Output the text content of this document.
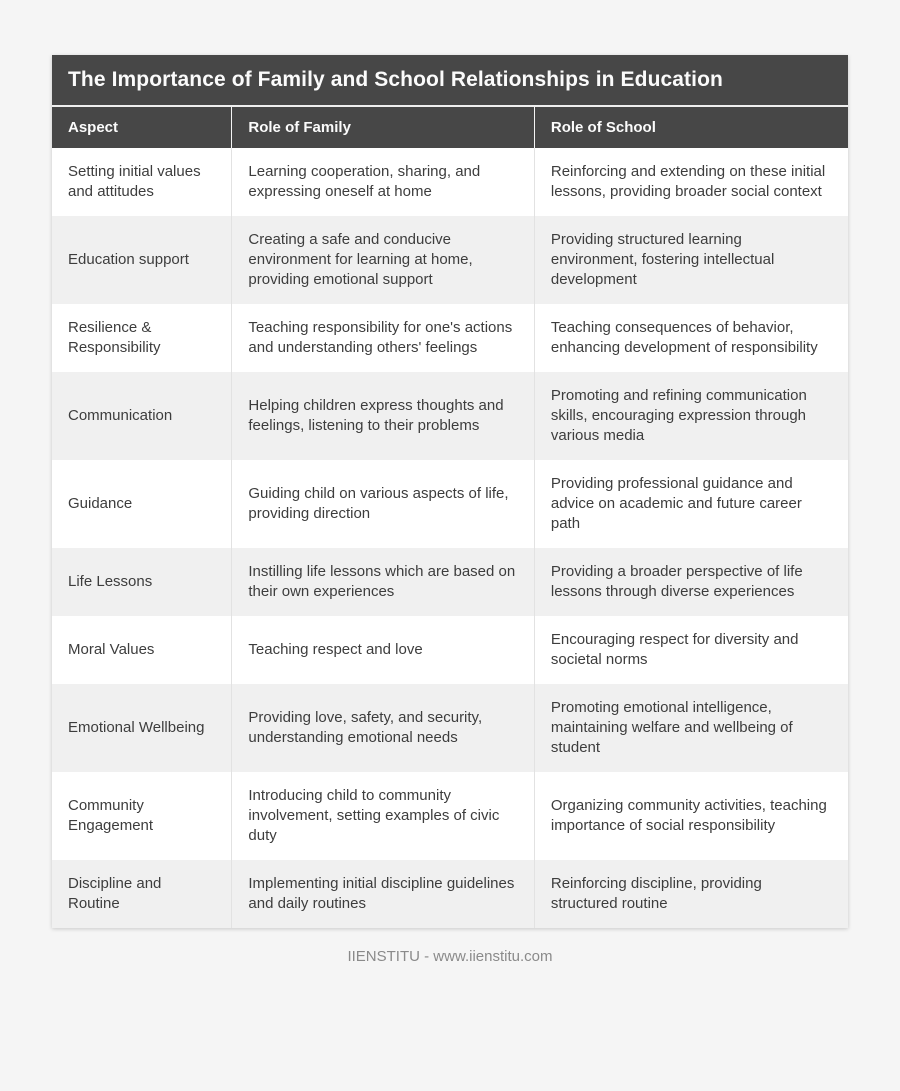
The Importance of Family and School Relationships in Education		
Aspect	Role of Family	Role of School
Setting initial values and attitudes	Learning cooperation, sharing, and expressing oneself at home	Reinforcing and extending on these initial lessons, providing broader social context
Education support	Creating a safe and conducive environment for learning at home, providing emotional support	Providing structured learning environment, fostering intellectual development
Resilience & Responsibility	Teaching responsibility for one's actions and understanding others' feelings	Teaching consequences of behavior, enhancing development of responsibility
Communication	Helping children express thoughts and feelings, listening to their problems	Promoting and refining communication skills, encouraging expression through various media
Guidance	Guiding child on various aspects of life, providing direction	Providing professional guidance and advice on academic and future career path
Life Lessons	Instilling life lessons which are based on their own experiences	Providing a broader perspective of life lessons through diverse experiences
Moral Values	Teaching respect and love	Encouraging respect for diversity and societal norms
Emotional Wellbeing	Providing love, safety, and security, understanding emotional needs	Promoting emotional intelligence, maintaining welfare and wellbeing of student
Community Engagement	Introducing child to community involvement, setting examples of civic duty	Organizing community activities, teaching importance of social responsibility
Discipline and Routine	Implementing initial discipline guidelines and daily routines	Reinforcing discipline, providing structured routine
IIENSTITU - www.iienstitu.com
